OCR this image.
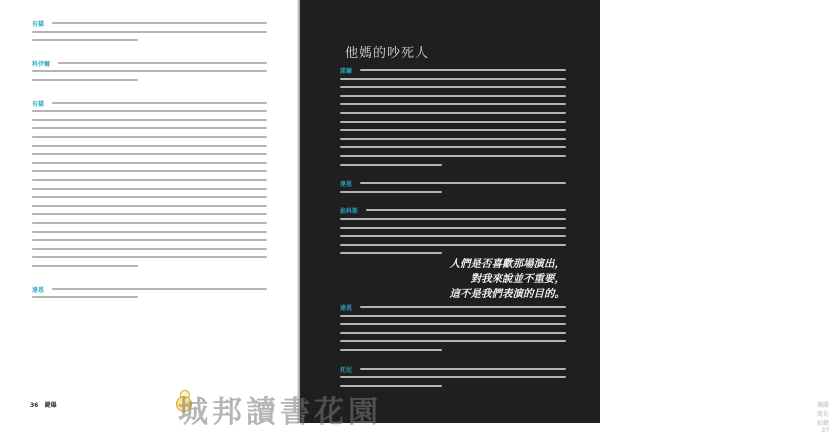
有貓
科伊爾
有貓
達恩
36 鍵爆	樂隊進化紀錄   37
他媽的吵死人
諾爾
達恩
焰科斯
達恩
托尼
人們是否喜歡那場演出，
對我來說並不重要，
這不是我們表演的目的。
城邦讀書花園
